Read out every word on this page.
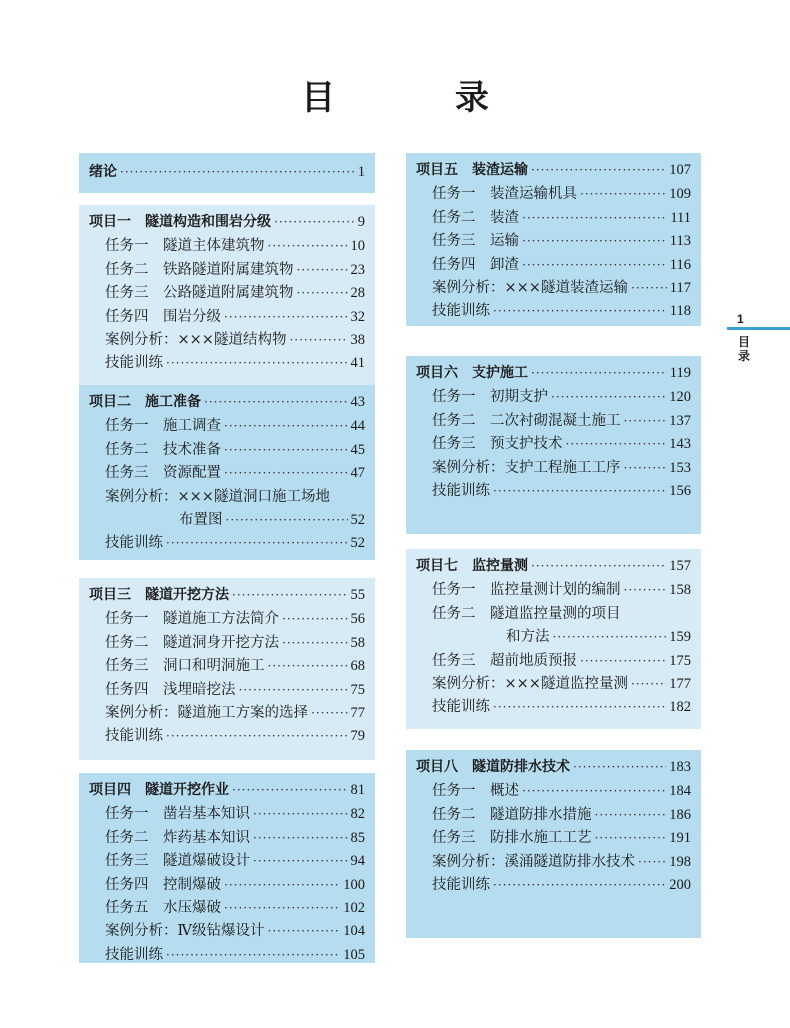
目 录
绪论 ·····	1
项目一　隧道构造和围岩分级 ·····	9
任务一　隧道主体建筑物 ·····	10
任务二　铁路隧道附属建筑物 ·····	23
任务三　公路隧道附属建筑物 ·····	28
任务四　围岩分级 ·····	32
案例分析：×××隧道结构物 ·····	38
技能训练 ·····	41
项目二　施工准备 ·····	43
任务一　施工调查 ·····	44
任务二　技术准备 ·····	45
任务三　资源配置 ·····	47
案例分析：×××隧道洞口施工场地
布置图 ·····	52
技能训练 ·····	52
项目三　隧道开挖方法 ·····	55
任务一　隧道施工方法简介 ·····	56
任务二　隧道洞身开挖方法 ·····	58
任务三　洞口和明洞施工 ·····	68
任务四　浅埋暗挖法 ·····	75
案例分析：隧道施工方案的选择 ·····	77
技能训练 ·····	79
项目四　隧道开挖作业 ·····	81
任务一　凿岩基本知识 ·····	82
任务二　炸药基本知识 ·····	85
任务三　隧道爆破设计 ·····	94
任务四　控制爆破 ·····	100
任务五　水压爆破 ·····	102
案例分析：Ⅳ级钻爆设计 ·····	104
技能训练 ·····	105
项目五　装渣运输 ·····	107
任务一　装渣运输机具 ·····	109
任务二　装渣 ·····	111
任务三　运输 ·····	113
任务四　卸渣 ·····	116
案例分析：×××隧道装渣运输 ·····	117
技能训练 ·····	118
项目六　支护施工 ·····	119
任务一　初期支护 ·····	120
任务二　二次衬砌混凝土施工 ·····	137
任务三　预支护技术 ·····	143
案例分析：支护工程施工工序 ·····	153
技能训练 ·····	156
项目七　监控量测 ·····	157
任务一　监控量测计划的编制 ·····	158
任务二　隧道监控量测的项目
和方法 ·····	159
任务三　超前地质预报 ·····	175
案例分析：×××隧道监控量测 ·····	177
技能训练 ·····	182
项目八　隧道防排水技术 ·····	183
任务一　概述 ·····	184
任务二　隧道防排水措施 ·····	186
任务三　防排水施工工艺 ·····	191
案例分析：溪涌隧道防排水技术 ····· 198
技能训练 ·····	200
1
目录
